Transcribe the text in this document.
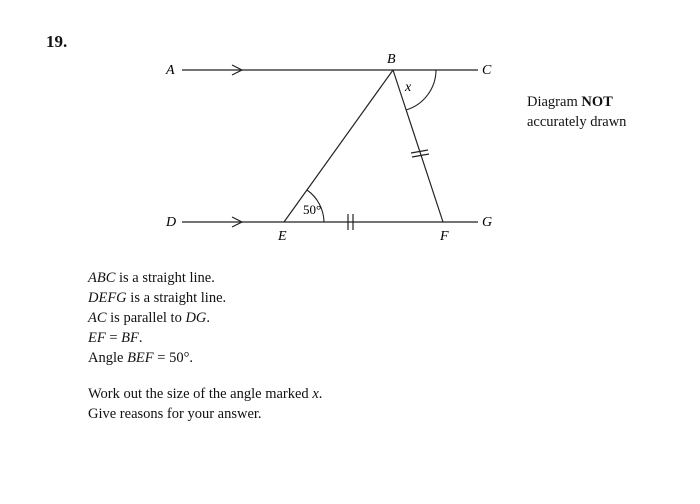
19.
A
B
C
D
E	F
G
50°
x
Diagram NOT
accurately drawn
ABC is a straight line.
DEFG is a straight line.
AC is parallel to DG.
EF = BF.
Angle BEF = 50°.
Work out the size of the angle marked x.
Give reasons for your answer.
